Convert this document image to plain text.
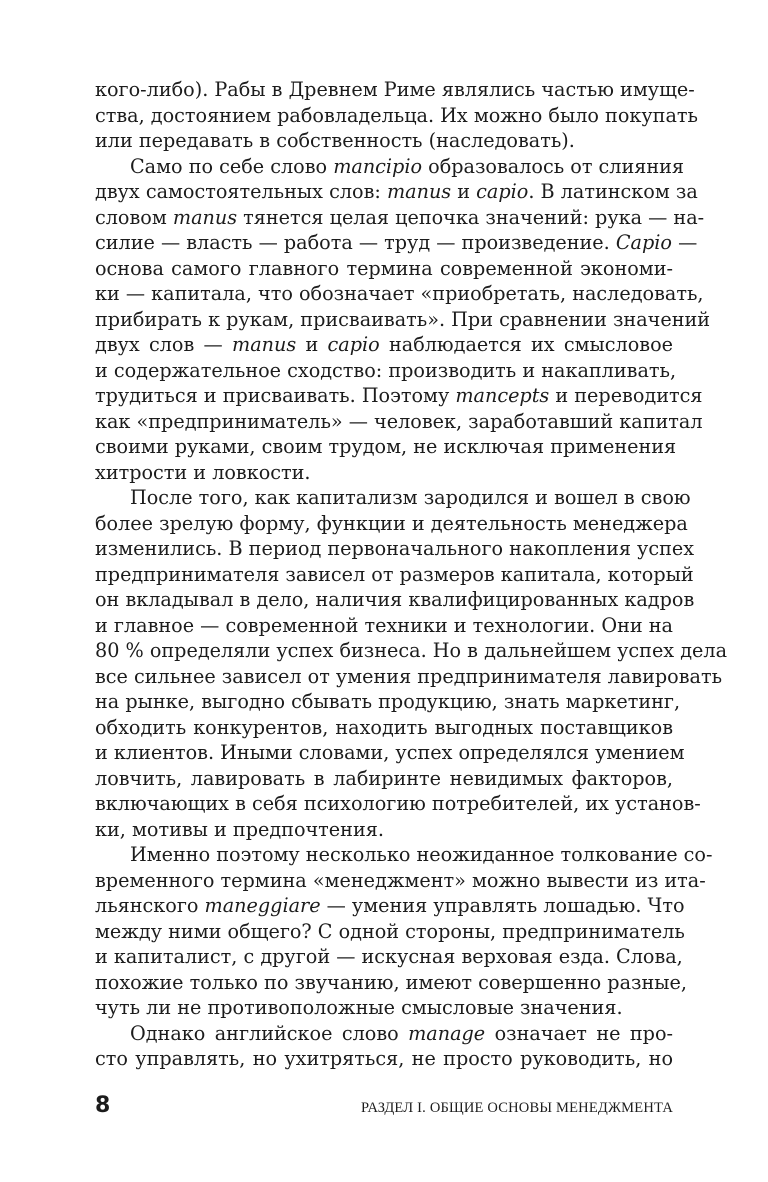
кого-либо). Рабы в Древнем Риме являлись частью имуще-
ства, достоянием рабовладельца. Их можно было покупать
или передавать в собственность (наследовать).
Само по себе слово mancipio образовалось от слияния
двух самостоятельных слов: manus и capio. В латинском за
словом manus тянется целая цепочка значений: рука — на-
силие — власть — работа — труд — произведение. Capio —
основа самого главного термина современной экономи-
ки — капитала, что обозначает «приобретать, наследовать,
прибирать к рукам, присваивать». При сравнении значений
двух слов — manus и capio наблюдается их смысловое
и содержательное сходство: производить и накапливать,
трудиться и присваивать. Поэтому mancepts и переводится
как «предприниматель» — человек, заработавший капитал
своими руками, своим трудом, не исключая применения
хитрости и ловкости.
После того, как капитализм зародился и вошел в свою
более зрелую форму, функции и деятельность менеджера
изменились. В период первоначального накопления успех
предпринимателя зависел от размеров капитала, который
он вкладывал в дело, наличия квалифицированных кадров
и главное — современной техники и технологии. Они на
80 % определяли успех бизнеса. Но в дальнейшем успех дела
все сильнее зависел от умения предпринимателя лавировать
на рынке, выгодно сбывать продукцию, знать маркетинг,
обходить конкурентов, находить выгодных поставщиков
и клиентов. Иными словами, успех определялся умением
ловчить, лавировать в лабиринте невидимых факторов,
включающих в себя психологию потребителей, их установ-
ки, мотивы и предпочтения.
Именно поэтому несколько неожиданное толкование со-
временного термина «менеджмент» можно вывести из ита-
льянского maneggiare — умения управлять лошадью. Что
между ними общего? С одной стороны, предприниматель
и капиталист, с другой — искусная верховая езда. Слова,
похожие только по звучанию, имеют совершенно разные,
чуть ли не противоположные смысловые значения.
Однако английское слово manage означает не про-
сто управлять, но ухитряться, не просто руководить, но
8	РАЗДЕЛ I. ОБЩИЕ ОСНОВЫ МЕНЕДЖМЕНТА
